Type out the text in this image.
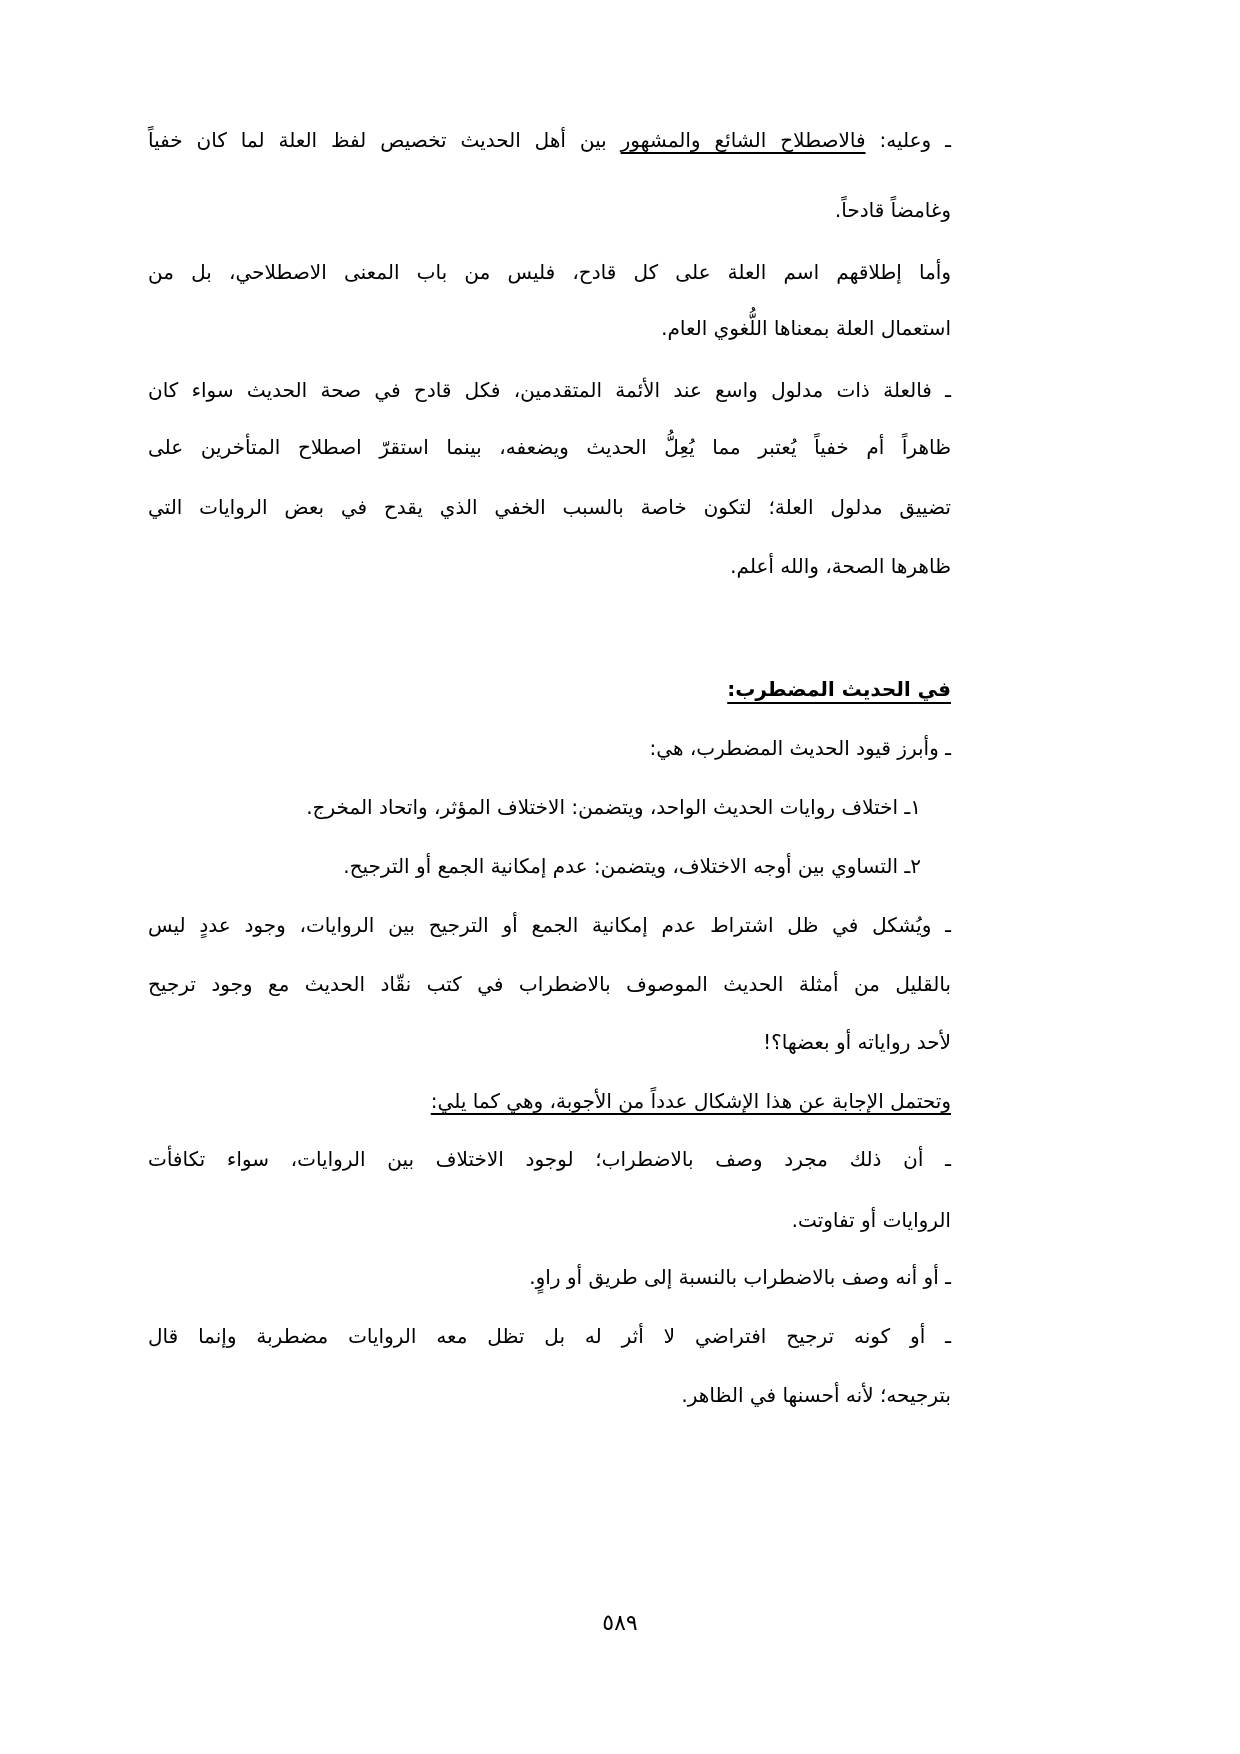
ـ وعليه: فالاصطلاح الشائع والمشهور بين أهل الحديث تخصيص لفظ العلة لما كان خفياً
وغامضاً قادحاً.
وأما إطلاقهم اسم العلة على كل قادح، فليس من باب المعنى الاصطلاحي، بل من
استعمال العلة بمعناها اللُّغوي العام.
ـ فالعلة ذات مدلول واسع عند الأئمة المتقدمين، فكل قادح في صحة الحديث سواء كان
ظاهراً أم خفياً يُعتبر مما يُعِلُّ الحديث ويضعفه، بينما استقرّ اصطلاح المتأخرين على
تضييق مدلول العلة؛ لتكون خاصة بالسبب الخفي الذي يقدح في بعض الروايات التي
ظاهرها الصحة، والله أعلم.
في الحديث المضطرب:
ـ وأبرز قيود الحديث المضطرب، هي:
١ـ اختلاف روايات الحديث الواحد، ويتضمن: الاختلاف المؤثر، واتحاد المخرج.
٢ـ التساوي بين أوجه الاختلاف، ويتضمن: عدم إمكانية الجمع أو الترجيح.
ـ ويُشكل في ظل اشتراط عدم إمكانية الجمع أو الترجيح بين الروايات، وجود عددٍ ليس
بالقليل من أمثلة الحديث الموصوف بالاضطراب في كتب نقّاد الحديث مع وجود ترجيح
لأحد رواياته أو بعضها؟!
وتحتمل الإجابة عن هذا الإشكال عدداً من الأجوبة، وهي كما يلي:
ـ أن ذلك مجرد وصف بالاضطراب؛ لوجود الاختلاف بين الروايات، سواء تكافأت
الروايات أو تفاوتت.
ـ أو أنه وصف بالاضطراب بالنسبة إلى طريق أو راوٍ.
ـ أو كونه ترجيح افتراضي لا أثر له بل تظل معه الروايات مضطربة وإنما قال
بترجيحه؛ لأنه أحسنها في الظاهر.
٥٨٩
